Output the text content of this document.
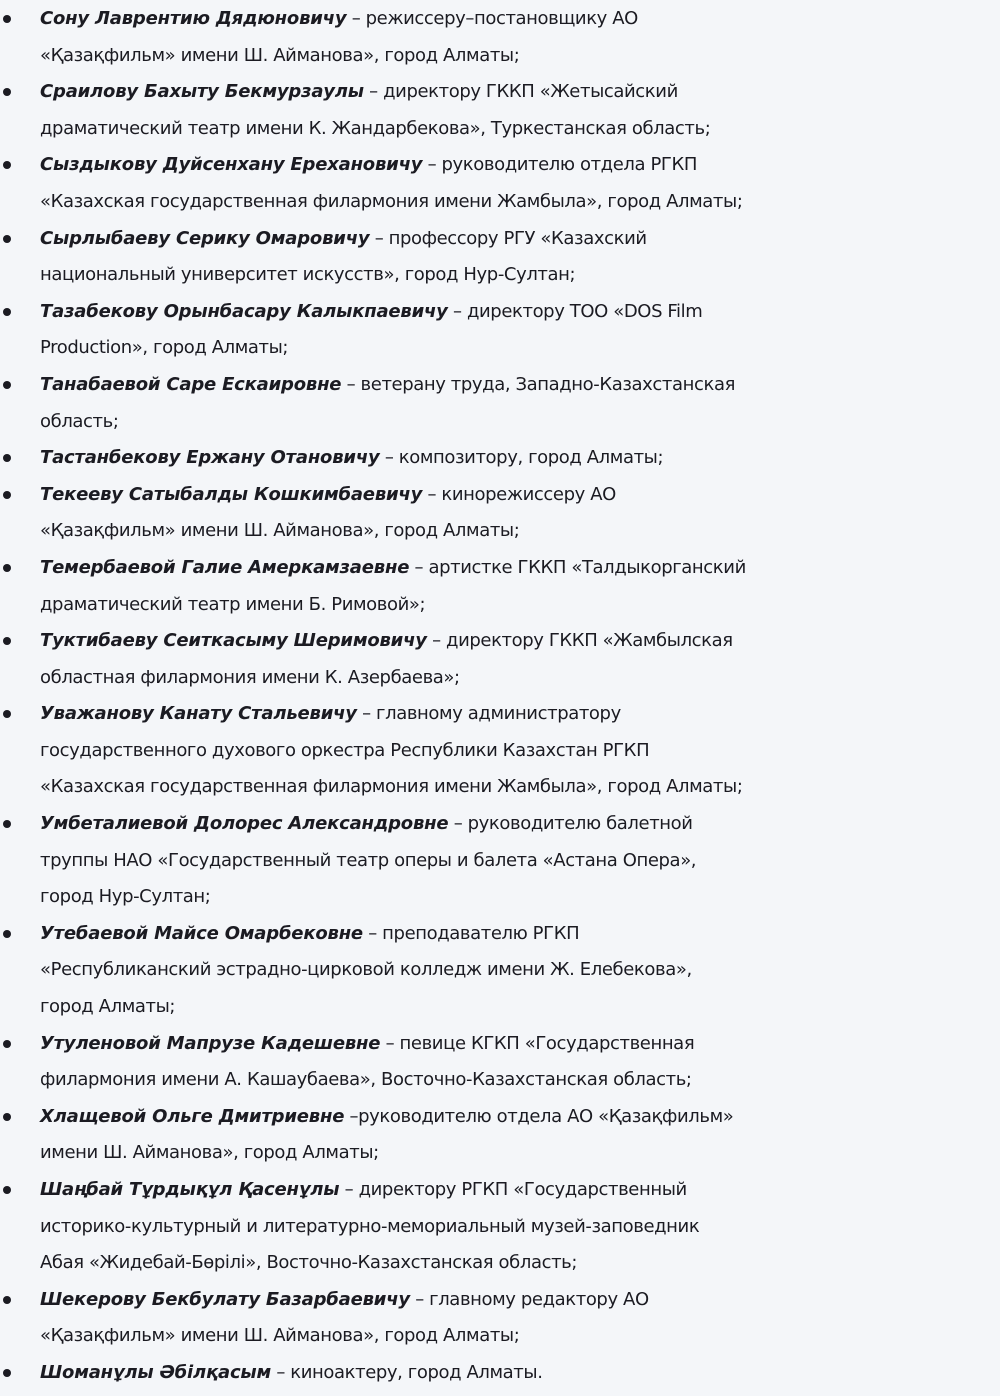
Сону Лаврентию Дядюновичу – режиссеру–постановщику АО
«Қазақфильм» имени Ш. Айманова», город Алматы;
Сраилову Бахыту Бекмурзаулы – директору ГККП «Жетысайский
драматический театр имени К. Жандарбекова», Туркестанская область;
Сыздыкову Дуйсенхану Ерехановичу – руководителю отдела РГКП
«Казахская государственная филармония имени Жамбыла», город Алматы;
Сырлыбаеву Серику Омаровичу – профессору РГУ «Казахский
национальный университет искусств», город Нур-Султан;
Тазабекову Орынбасару Калыкпаевичу – директору ТОО «DOS Film
Production», город Алматы;
Танабаевой Саре Ескаировне – ветерану труда, Западно-Казахстанская
область;
Тастанбекову Ержану Отановичу – композитору, город Алматы;
Текееву Сатыбалды Кошкимбаевичу – кинорежиссеру АО
«Қазақфильм» имени Ш. Айманова», город Алматы;
Темербаевой Галие Амеркамзаевне – артистке ГККП «Талдыкорганский
драматический театр имени Б. Римовой»;
Туктибаеву Сеиткасыму Шеримовичу – директору ГККП «Жамбылская
областная филармония имени К. Азербаева»;
Уважанову Канату Стальевичу – главному администратору
государственного духового оркестра Республики Казахстан РГКП
«Казахская государственная филармония имени Жамбыла», город Алматы;
Умбеталиевой Долорес Александровне – руководителю балетной
труппы НАО «Государственный театр оперы и балета «Астана Опера»,
город Нур-Султан;
Утебаевой Майсе Омарбековне – преподавателю РГКП
«Республиканский эстрадно-цирковой колледж имени Ж. Елебекова»,
город Алматы;
Утуленовой Мапрузе Кадешевне – певице КГКП «Государственная
филармония имени А. Кашаубаева», Восточно-Казахстанская область;
Хлащевой Ольге Дмитриевне –руководителю отдела АО «Қазақфильм»
имени Ш. Айманова», город Алматы;
Шаңбай Тұрдықұл Қасенұлы – директору РГКП «Государственный
историко-культурный и литературно-мемориальный музей-заповедник
Абая «Жидебай-Бөрілі», Восточно-Казахстанская область;
Шекерову Бекбулату Базарбаевичу – главному редактору АО
«Қазақфильм» имени Ш. Айманова», город Алматы;
Шоманұлы Әбілқасым – киноактеру, город Алматы.
